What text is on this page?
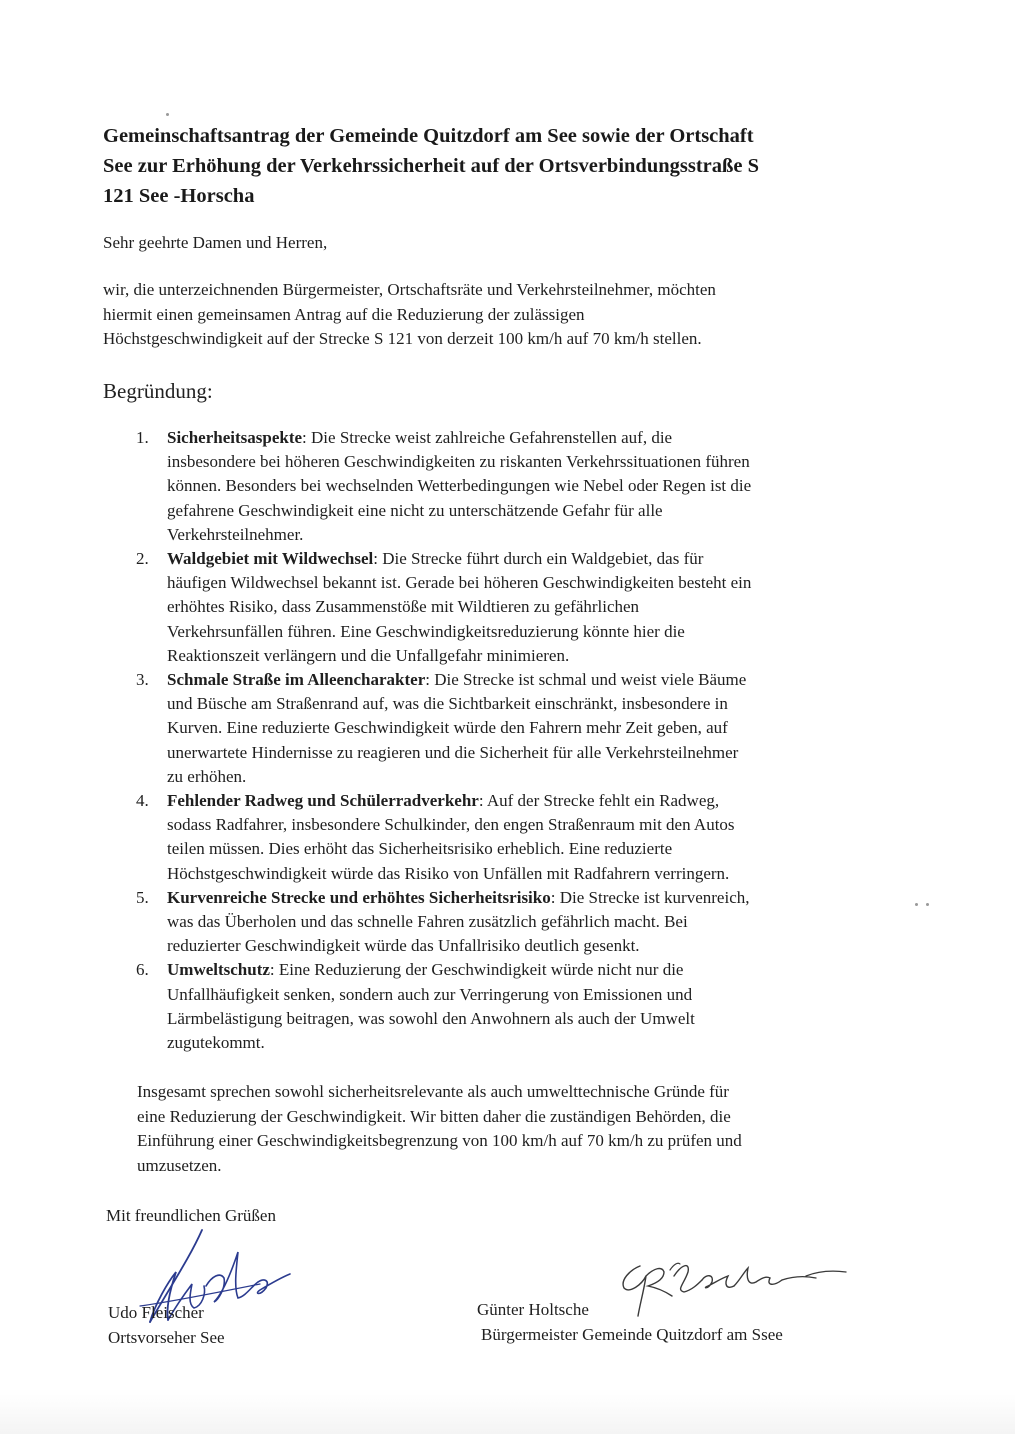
Gemeinschaftsantrag der Gemeinde Quitzdorf am See sowie der Ortschaft
See zur Erhöhung der Verkehrssicherheit auf der Ortsverbindungsstraße S
121 See -Horscha
Sehr geehrte Damen und Herren,
wir, die unterzeichnenden Bürgermeister, Ortschaftsräte und Verkehrsteilnehmer, möchten
hiermit einen gemeinsamen Antrag auf die Reduzierung der zulässigen
Höchstgeschwindigkeit auf der Strecke S 121 von derzeit 100 km/h auf 70 km/h stellen.
Begründung:
1. Sicherheitsaspekte: Die Strecke weist zahlreiche Gefahrenstellen auf, die
insbesondere bei höheren Geschwindigkeiten zu riskanten Verkehrssituationen führen
können. Besonders bei wechselnden Wetterbedingungen wie Nebel oder Regen ist die
gefahrene Geschwindigkeit eine nicht zu unterschätzende Gefahr für alle
Verkehrsteilnehmer.
2. Waldgebiet mit Wildwechsel: Die Strecke führt durch ein Waldgebiet, das für
häufigen Wildwechsel bekannt ist. Gerade bei höheren Geschwindigkeiten besteht ein
erhöhtes Risiko, dass Zusammenstöße mit Wildtieren zu gefährlichen
Verkehrsunfällen führen. Eine Geschwindigkeitsreduzierung könnte hier die
Reaktionszeit verlängern und die Unfallgefahr minimieren.
3. Schmale Straße im Alleencharakter: Die Strecke ist schmal und weist viele Bäume
und Büsche am Straßenrand auf, was die Sichtbarkeit einschränkt, insbesondere in
Kurven. Eine reduzierte Geschwindigkeit würde den Fahrern mehr Zeit geben, auf
unerwartete Hindernisse zu reagieren und die Sicherheit für alle Verkehrsteilnehmer
zu erhöhen.
4. Fehlender Radweg und Schülerradverkehr: Auf der Strecke fehlt ein Radweg,
sodass Radfahrer, insbesondere Schulkinder, den engen Straßenraum mit den Autos
teilen müssen. Dies erhöht das Sicherheitsrisiko erheblich. Eine reduzierte
Höchstgeschwindigkeit würde das Risiko von Unfällen mit Radfahrern verringern.
5. Kurvenreiche Strecke und erhöhtes Sicherheitsrisiko: Die Strecke ist kurvenreich,
was das Überholen und das schnelle Fahren zusätzlich gefährlich macht. Bei
reduzierter Geschwindigkeit würde das Unfallrisiko deutlich gesenkt.
6. Umweltschutz: Eine Reduzierung der Geschwindigkeit würde nicht nur die
Unfallhäufigkeit senken, sondern auch zur Verringerung von Emissionen und
Lärmbelästigung beitragen, was sowohl den Anwohnern als auch der Umwelt
zugutekommt.
Insgesamt sprechen sowohl sicherheitsrelevante als auch umwelttechnische Gründe für
eine Reduzierung der Geschwindigkeit. Wir bitten daher die zuständigen Behörden, die
Einführung einer Geschwindigkeitsbegrenzung von 100 km/h auf 70 km/h zu prüfen und
umzusetzen.
Mit freundlichen Grüßen
Udo Fleischer
Ortsvorseher See
Günter Holtsche
Bürgermeister Gemeinde Quitzdorf am Ssee
